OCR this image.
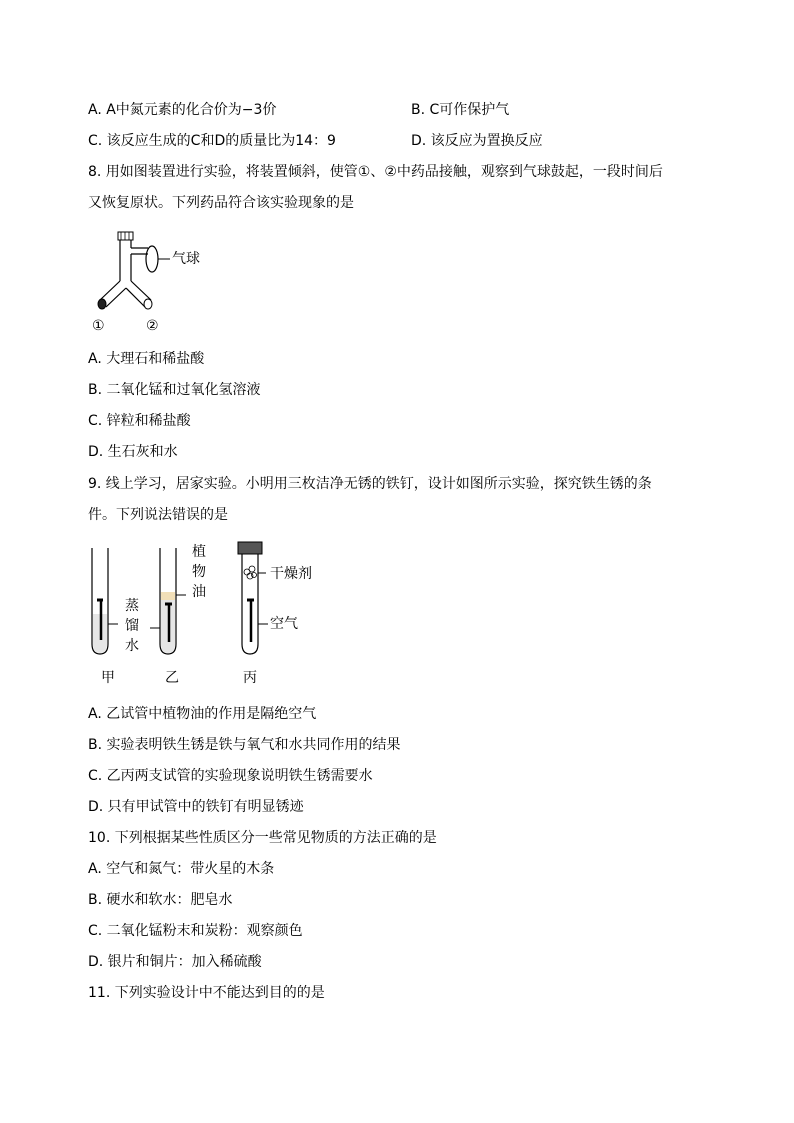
A. A中氮元素的化合价为−3价	B. C可作保护气
C. 该反应生成的C和D的质量比为14：9	D. 该反应为置换反应
8. 用如图装置进行实验，将装置倾斜，使管①、②中药品接触，观察到气球鼓起，一段时间后
又恢复原状。下列药品符合该实验现象的是
气球
①	②
A. 大理石和稀盐酸
B. 二氧化锰和过氧化氢溶液
C. 锌粒和稀盐酸
D. 生石灰和水
9. 线上学习，居家实验。小明用三枚洁净无锈的铁钉，设计如图所示实验，探究铁生锈的条
件。下列说法错误的是
蒸
馏
水
植
物
油
干燥剂
空气
甲	乙	丙
A. 乙试管中植物油的作用是隔绝空气
B. 实验表明铁生锈是铁与氧气和水共同作用的结果
C. 乙丙两支试管的实验现象说明铁生锈需要水
D. 只有甲试管中的铁钉有明显锈迹
10. 下列根据某些性质区分一些常见物质的方法正确的是
A. 空气和氮气：带火星的木条
B. 硬水和软水：肥皂水
C. 二氧化锰粉末和炭粉：观察颜色
D. 银片和铜片：加入稀硫酸
11. 下列实验设计中不能达到目的的是
